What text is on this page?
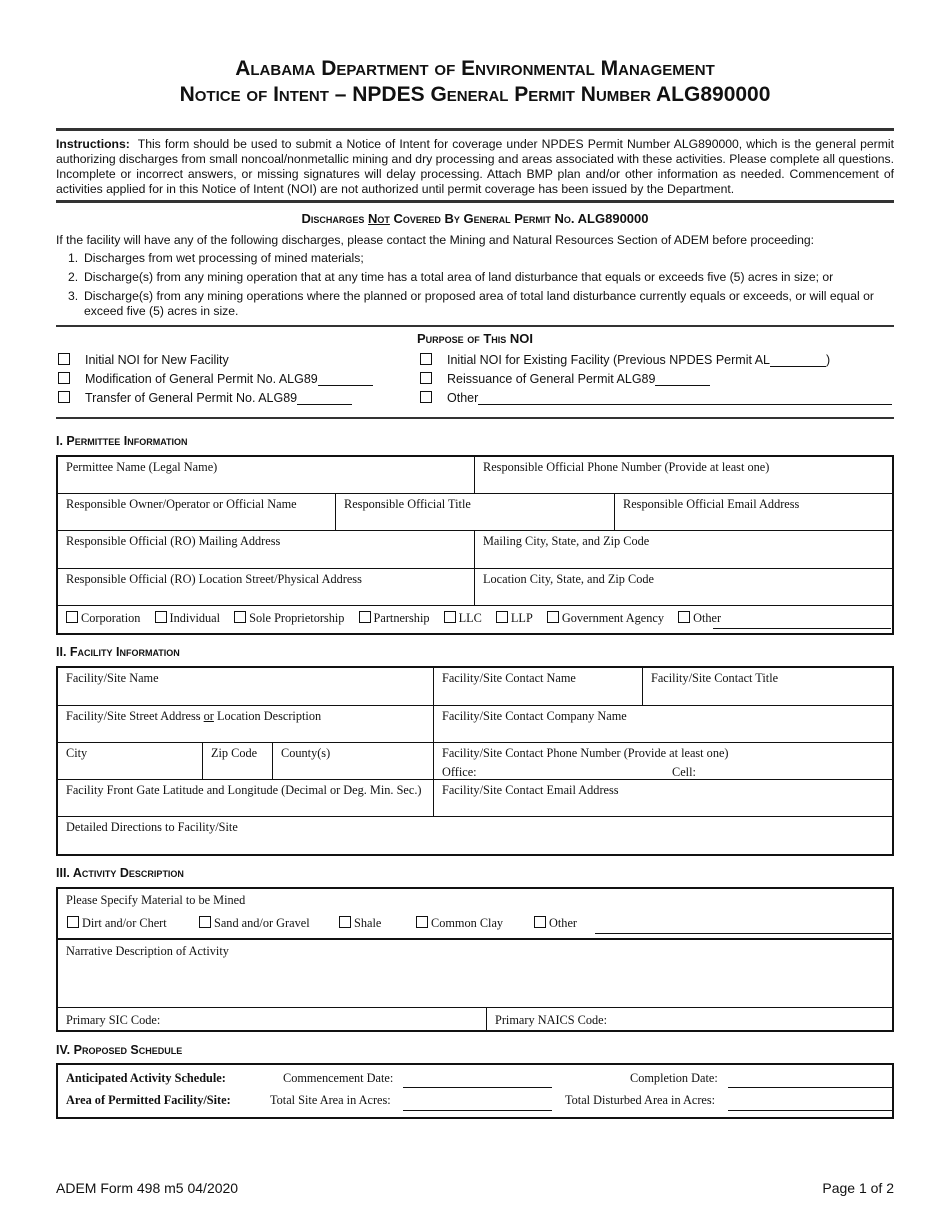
Alabama Department of Environmental Management
Notice of Intent – NPDES General Permit Number ALG890000
Instructions: This form should be used to submit a Notice of Intent for coverage under NPDES Permit Number ALG890000, which is the general permit authorizing discharges from small noncoal/nonmetallic mining and dry processing and areas associated with these activities. Please complete all questions. Incomplete or incorrect answers, or missing signatures will delay processing. Attach BMP plan and/or other information as needed. Commencement of activities applied for in this Notice of Intent (NOI) are not authorized until permit coverage has been issued by the Department.
Discharges Not Covered By General Permit No. ALG890000
If the facility will have any of the following discharges, please contact the Mining and Natural Resources Section of ADEM before proceeding:
1. Discharges from wet processing of mined materials;
2. Discharge(s) from any mining operation that at any time has a total area of land disturbance that equals or exceeds five (5) acres in size; or
3. Discharge(s) from any mining operations where the planned or proposed area of total land disturbance currently equals or exceeds, or will equal or exceed five (5) acres in size.
Purpose of This NOI
Initial NOI for New Facility	Initial NOI for Existing Facility (Previous NPDES Permit AL	)
Modification of General Permit No. ALG89	Reissuance of General Permit ALG89
Transfer of General Permit No. ALG89	Other
I. Permittee Information
Permittee Name (Legal Name)	Responsible Official Phone Number (Provide at least one)
Responsible Owner/Operator or Official Name	Responsible Official Title	Responsible Official Email Address
Responsible Official (RO) Mailing Address	Mailing City, State, and Zip Code
Responsible Official (RO) Location Street/Physical Address	Location City, State, and Zip Code
Corporation Individual Sole Proprietorship Partnership LLC LLP Government Agency Other
II. Facility Information
Facility/Site Name	Facility/Site Contact Name	Facility/Site Contact Title
Facility/Site Street Address or Location Description	Facility/Site Contact Company Name
City	Zip Code	County(s)	Facility/Site Contact Phone Number (Provide at least one)
Office:	Cell:
Facility Front Gate Latitude and Longitude (Decimal or Deg. Min. Sec.)	Facility/Site Contact Email Address
Detailed Directions to Facility/Site
III. Activity Description
Please Specify Material to be Mined
Dirt and/or Chert	Sand and/or Gravel	Shale	Common Clay	Other
Narrative Description of Activity
Primary SIC Code:	Primary NAICS Code:
IV. Proposed Schedule
Anticipated Activity Schedule:	Commencement Date:	Completion Date:
Area of Permitted Facility/Site:	Total Site Area in Acres:	Total Disturbed Area in Acres:
ADEM Form 498 m5 04/2020	Page 1 of 2
